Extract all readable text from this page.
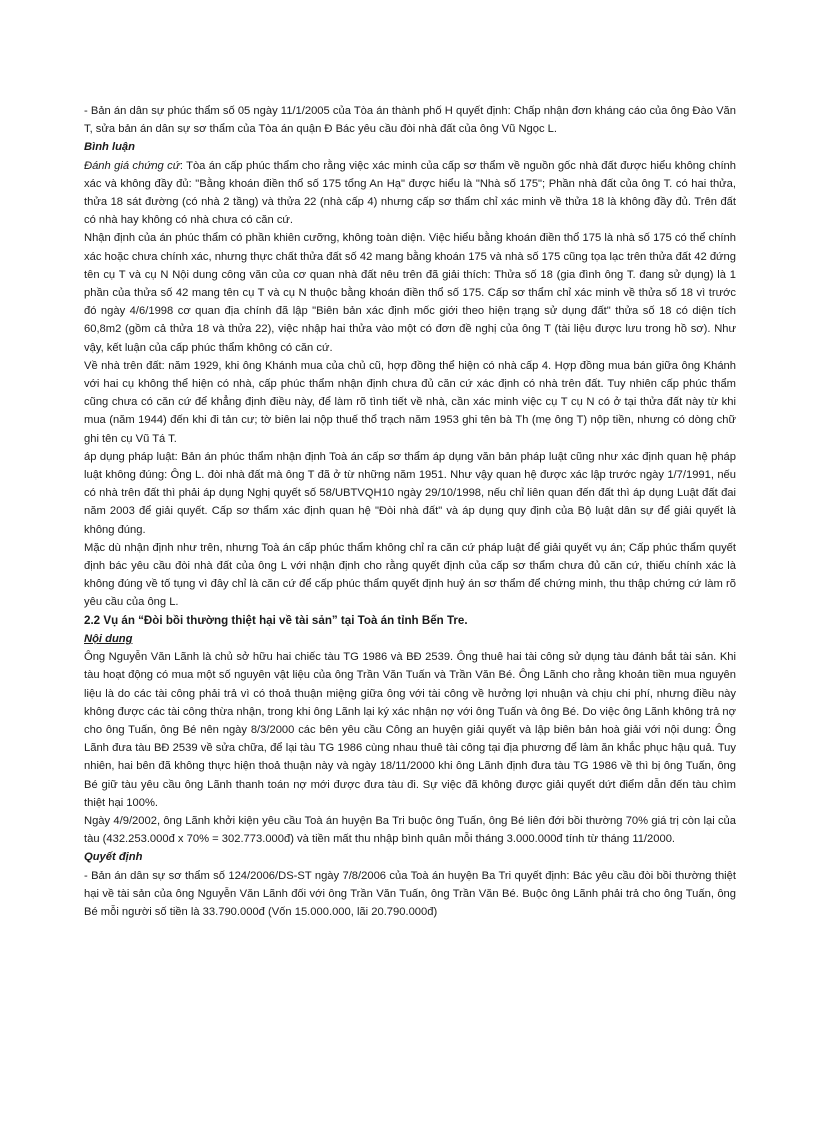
- Bản án dân sự phúc thẩm số 05 ngày 11/1/2005 của Tòa án thành phố H quyết định: Chấp nhận đơn kháng cáo của ông Đào Văn T, sửa bản án dân sự sơ thẩm của Tòa án quận Đ Bác yêu cầu đòi nhà đất của ông Vũ Ngọc L.

Bình luận

Đánh giá chứng cứ: Tòa án cấp phúc thẩm cho rằng việc xác minh của cấp sơ thẩm về nguồn gốc nhà đất được hiểu không chính xác và không đầy đủ: "Bằng khoán điền thổ số 175 tổng An Hạ" được hiểu là "Nhà số 175"; Phần nhà đất của ông T. có hai thửa, thửa 18 sát đường (có nhà 2 tầng) và thửa 22 (nhà cấp 4) nhưng cấp sơ thẩm chỉ xác minh về thửa 18 là không đầy đủ. Trên đất có nhà hay không có nhà chưa có căn cứ.

Nhận định của án phúc thẩm có phần khiên cưỡng, không toàn diện. Việc hiểu bằng khoán điền thổ 175 là nhà số 175 có thể chính xác hoặc chưa chính xác, nhưng thực chất thửa đất số 42 mang bằng khoán 175 và nhà số 175 cũng tọa lạc trên thửa đất 42 đứng tên cụ T và cụ N Nội dung công văn của cơ quan nhà đất nêu trên đã giải thích: Thửa số 18 (gia đình ông T. đang sử dụng) là 1 phần của thửa số 42 mang tên cụ T và cụ N thuộc bằng khoán điền thổ số 175. Cấp sơ thẩm chỉ xác minh về thửa số 18 vì trước đó ngày 4/6/1998 cơ quan địa chính đã lập "Biên bản xác định mốc giới theo hiện trạng sử dụng đất" thửa số 18 có diện tích 60,8m2 (gồm cả thửa 18 và thửa 22), việc nhập hai thửa vào một có đơn đề nghị của ông T (tài liệu được lưu trong hồ sơ). Như vậy, kết luận của cấp phúc thẩm không có căn cứ.

Về nhà trên đất: năm 1929, khi ông Khánh mua của chủ cũ, hợp đồng thể hiện có nhà cấp 4. Hợp đồng mua bán giữa ông Khánh với hai cụ không thể hiện có nhà, cấp phúc thẩm nhận định chưa đủ căn cứ xác định có nhà trên đất. Tuy nhiên cấp phúc thẩm cũng chưa có căn cứ để khẳng định điều này, để làm rõ tình tiết về nhà, cần xác minh việc cụ T cụ N có ở tại thửa đất này từ khi mua (năm 1944) đến khi đi tản cư; tờ biên lai nộp thuế thổ trạch năm 1953 ghi tên bà Th (mẹ ông T) nộp tiền, nhưng có dòng chữ ghi tên cụ Vũ Tá T.

áp dụng pháp luật: Bản án phúc thẩm nhận định Toà án cấp sơ thẩm áp dụng văn bản pháp luật cũng như xác định quan hệ pháp luật không đúng: Ông L. đòi nhà đất mà ông T đã ở từ những năm 1951. Như vậy quan hệ được xác lập trước ngày 1/7/1991, nếu có nhà trên đất thì phải áp dụng Nghị quyết số 58/UBTVQH10 ngày 29/10/1998, nếu chỉ liên quan đến đất thì áp dụng Luật đất đai năm 2003 để giải quyết. Cấp sơ thẩm xác định quan hệ "Đòi nhà đất" và áp dụng quy định của Bộ luật dân sự để giải quyết là không đúng.

Mặc dù nhận định như trên, nhưng Toà án cấp phúc thẩm không chỉ ra căn cứ pháp luật để giải quyết vụ án; Cấp phúc thẩm quyết định bác yêu cầu đòi nhà đất của ông L với nhận định cho rằng quyết định của cấp sơ thẩm chưa đủ căn cứ, thiếu chính xác là không đúng về tố tụng vì đây chỉ là căn cứ để cấp phúc thẩm quyết định huỷ án sơ thẩm để chứng minh, thu thập chứng cứ làm rõ yêu cầu của ông L.

2.2 Vụ án “Đòi bồi thường thiệt hại về tài sản” tại Toà án tỉnh Bến Tre.

Nội dung

Ông Nguyễn Văn Lãnh là chủ sở hữu hai chiếc tàu TG 1986 và BĐ 2539. Ông thuê hai tài công sử dụng tàu đánh bắt tài sản. Khi tàu hoạt động có mua một số nguyên vật liệu của ông Trần Văn Tuấn và Trần Văn Bé. Ông Lãnh cho rằng khoản tiền mua nguyên liệu là do các tài công phải trả vì có thoả thuận miệng giữa ông với tài công về hưởng lợi nhuận và chịu chi phí, nhưng điều này không được các tài công thừa nhận, trong khi ông Lãnh lại ký xác nhận nợ với ông Tuấn và ông Bé. Do việc ông Lãnh không trả nợ cho ông Tuấn, ông Bé nên ngày 8/3/2000 các bên yêu cầu Công an huyện giải quyết và lập biên bản hoà giải với nội dung: Ông Lãnh đưa tàu BĐ 2539 về sửa chữa, để lại tàu TG 1986 cùng nhau thuê tài công tại địa phương để làm ăn khắc phục hậu quả. Tuy nhiên, hai bên đã không thực hiện thoả thuận này và ngày 18/11/2000 khi ông Lãnh định đưa tàu TG 1986 về thì bị ông Tuấn, ông Bé giữ tàu yêu cầu ông Lãnh thanh toán nợ mới được đưa tàu đi. Sự việc đã không được giải quyết dứt điểm dẫn đến tàu chìm thiệt hại 100%.

Ngày 4/9/2002, ông Lãnh khởi kiện yêu cầu Toà án huyện Ba Tri buộc ông Tuấn, ông Bé liên đới bồi thường 70% giá trị còn lại của tàu (432.253.000đ x 70% = 302.773.000đ) và tiền mất thu nhập bình quân mỗi tháng 3.000.000đ tính từ tháng 11/2000.

Quyết định

- Bản án dân sự sơ thẩm số 124/2006/DS-ST ngày 7/8/2006 của Toà án huyện Ba Tri quyết định: Bác yêu cầu đòi bồi thường thiệt hại về tài sản của ông Nguyễn Văn Lãnh đối với ông Trần Văn Tuấn, ông Trần Văn Bé. Buộc ông Lãnh phải trả cho ông Tuấn, ông Bé mỗi người số tiền là 33.790.000đ (Vốn 15.000.000, lãi 20.790.000đ)
